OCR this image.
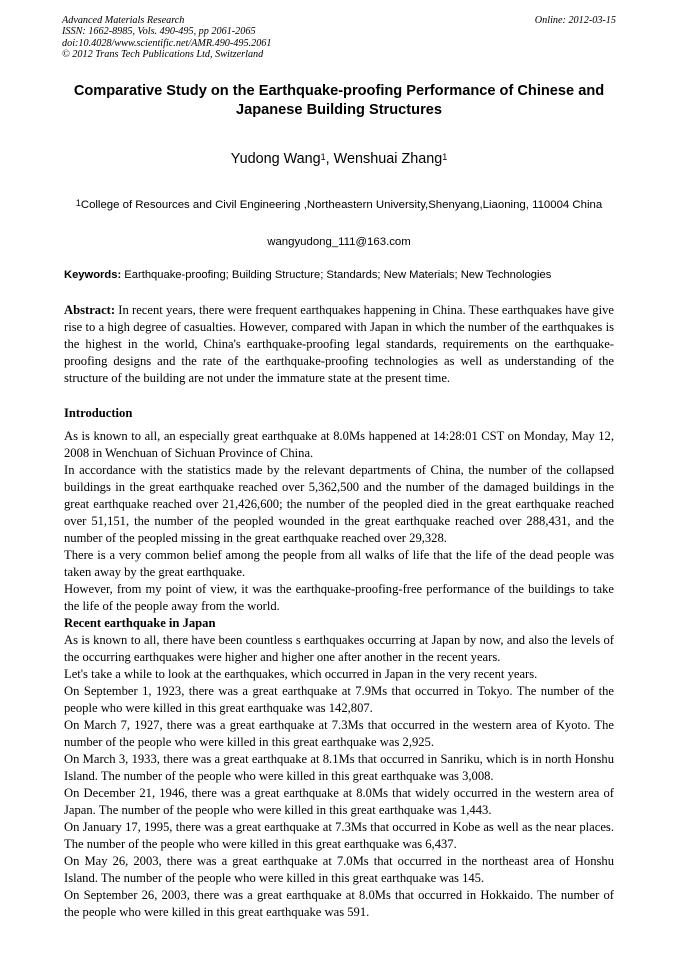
Advanced Materials Research
ISSN: 1662-8985, Vols. 490-495, pp 2061-2065
doi:10.4028/www.scientific.net/AMR.490-495.2061
© 2012 Trans Tech Publications Ltd, Switzerland
Online: 2012-03-15
Comparative Study on the Earthquake-proofing Performance of Chinese and Japanese Building Structures
Yudong Wang$^1$, Wenshuai Zhang$^1$
$^1$College of Resources and Civil Engineering ,Northeastern University,Shenyang,Liaoning, 110004 China
wangyudong_111@163.com
Keywords: Earthquake-proofing; Building Structure; Standards; New Materials; New Technologies
Abstract: In recent years, there were frequent earthquakes happening in China. These earthquakes have give rise to a high degree of casualties. However, compared with Japan in which the number of the earthquakes is the highest in the world, China's earthquake-proofing legal standards, requirements on the earthquake-proofing designs and the rate of the earthquake-proofing technologies as well as understanding of the structure of the building are not under the immature state at the present time.
Introduction

As is known to all, an especially great earthquake at 8.0Ms happened at 14:28:01 CST on Monday, May 12, 2008 in Wenchuan of Sichuan Province of China.

In accordance with the statistics made by the relevant departments of China, the number of the collapsed buildings in the great earthquake reached over 5,362,500 and the number of the damaged buildings in the great earthquake reached over 21,426,600; the number of the peopled died in the great earthquake reached over 51,151, the number of the peopled wounded in the great earthquake reached over 288,431, and the number of the peopled missing in the great earthquake reached over 29,328.

There is a very common belief among the people from all walks of life that the life of the dead people was taken away by the great earthquake.

However, from my point of view, it was the earthquake-proofing-free performance of the buildings to take the life of the people away from the world.

Recent earthquake in Japan

As is known to all, there have been countless s earthquakes occurring at Japan by now, and also the levels of the occurring earthquakes were higher and higher one after another in the recent years.

Let's take a while to look at the earthquakes, which occurred in Japan in the very recent years.

On September 1, 1923, there was a great earthquake at 7.9Ms that occurred in Tokyo. The number of the people who were killed in this great earthquake was 142,807.

On March 7, 1927, there was a great earthquake at 7.3Ms that occurred in the western area of Kyoto. The number of the people who were killed in this great earthquake was 2,925.

On March 3, 1933, there was a great earthquake at 8.1Ms that occurred in Sanriku, which is in north Honshu Island. The number of the people who were killed in this great earthquake was 3,008.

On December 21, 1946, there was a great earthquake at 8.0Ms that widely occurred in the western area of Japan. The number of the people who were killed in this great earthquake was 1,443.

On January 17, 1995, there was a great earthquake at 7.3Ms that occurred in Kobe as well as the near places. The number of the people who were killed in this great earthquake was 6,437.

On May 26, 2003, there was a great earthquake at 7.0Ms that occurred in the northeast area of Honshu Island. The number of the people who were killed in this great earthquake was 145.

On September 26, 2003, there was a great earthquake at 8.0Ms that occurred in Hokkaido. The number of the people who were killed in this great earthquake was 591.
